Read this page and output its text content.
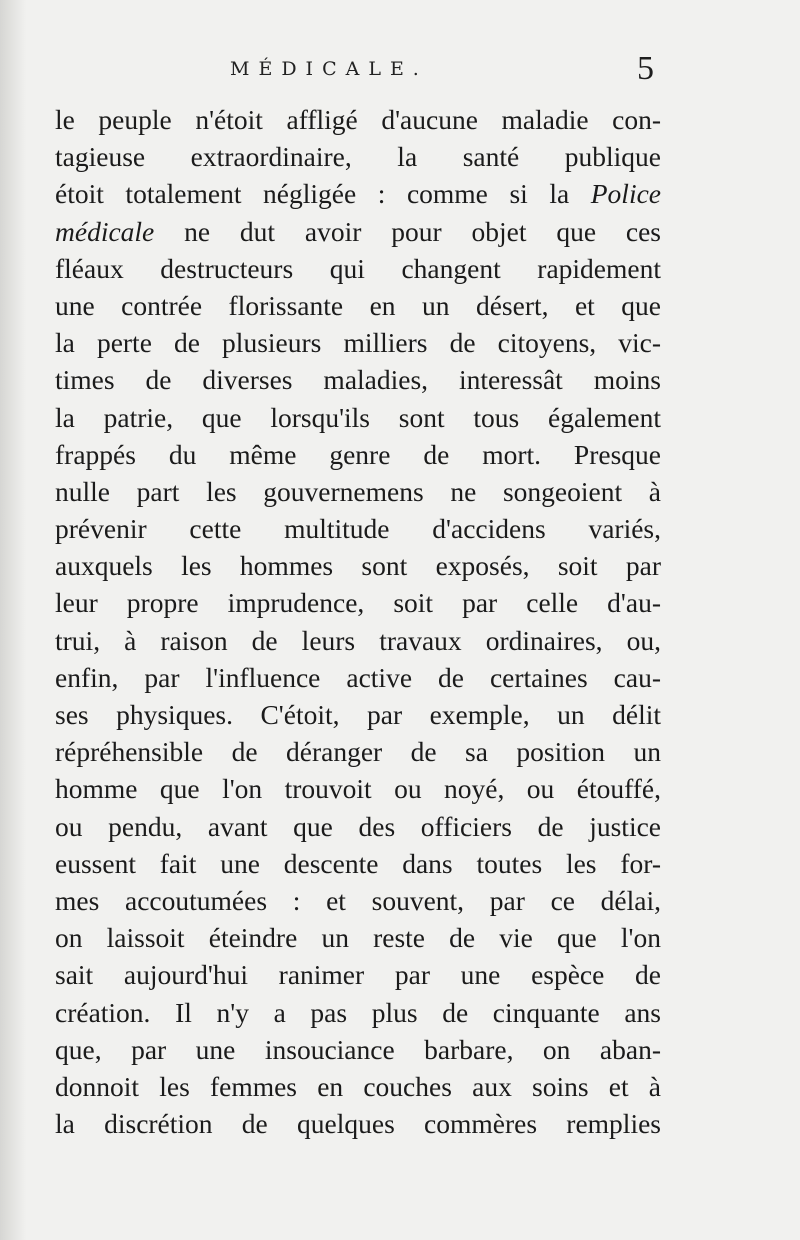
MÉDICALE.	5
le peuple n'étoit affligé d'aucune maladie con-
tagieuse extraordinaire, la santé publique
étoit totalement négligée : comme si la Police
médicale ne dut avoir pour objet que ces
fléaux destructeurs qui changent rapidement
une contrée florissante en un désert, et que
la perte de plusieurs milliers de citoyens, vic-
times de diverses maladies, interessât moins
la patrie, que lorsqu'ils sont tous également
frappés du même genre de mort. Presque
nulle part les gouvernemens ne songeoient à
prévenir cette multitude d'accidens variés,
auxquels les hommes sont exposés, soit par
leur propre imprudence, soit par celle d'au-
trui, à raison de leurs travaux ordinaires, ou,
enfin, par l'influence active de certaines cau-
ses physiques. C'étoit, par exemple, un délit
répréhensible de déranger de sa position un
homme que l'on trouvoit ou noyé, ou étouffé,
ou pendu, avant que des officiers de justice
eussent fait une descente dans toutes les for-
mes accoutumées : et souvent, par ce délai,
on laissoit éteindre un reste de vie que l'on
sait aujourd'hui ranimer par une espèce de
création. Il n'y a pas plus de cinquante ans
que, par une insouciance barbare, on aban-
donnoit les femmes en couches aux soins et à
la discrétion de quelques commères remplies
